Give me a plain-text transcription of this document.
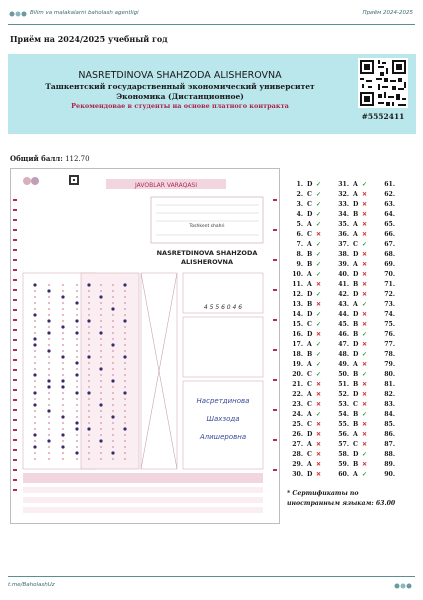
Bilim va malakalarni baholash agentligi	Приём 2024-2025
Приём на 2024/2025 учебный год
NASRETDINOVA SHAHZODA ALISHEROVNA
Ташкентский государственный экономический университет
Экономика (Дистанционное)
Рекомендовае в студенты на основе платного контракта
#5552411
Общий балл: 112.70
JAVOBLAR VARAQASI
Toshkent shahri
NASRETDINOVA SHAHZODA
ALISHEROVNA
4 5 5 6 0 4 6
Насретдинова
Шахзода
Алишеровна
1. D ✓
2. C ✓
3. C ✓
4. D ✓
5. A ✓
6. C ✕
7. A ✓
8. B ✓
9. B ✓
10. A ✓
11. A ✕
12. D ✓
13. B ✕
14. D ✓
15. C ✓
16. D ✕
17. A ✓
18. B ✓
19. A ✓
20. C ✓
21. C ✕
22. A ✕
23. C ✕
24. A ✓
25. C ✕
26. D ✕
27. A ✕
28. C ✕
29. A ✕
30. D ✕
31. A ✓
32. A ✕
33. D ✕
34. B ✕
35. A ✕
36. A ✕
37. C ✓
38. D ✕
39. A ✕
40. D ✕
41. B ✕
42. D ✕
43. A ✓
44. D ✕
45. B ✕
46. B ✓
47. D ✕
48. D ✓
49. A ✕
50. B ✓
51. B ✕
52. D ✕
53. C ✕
54. B ✓
55. B ✕
56. A ✕
57. C ✕
58. D ✓
59. B ✕
60. A ✓
61.
62.
63.
64.
65.
66.
67.
68.
69.
70.
71.
72.
73.
74.
75.
76.
77.
78.
79.
80.
81.
82.
83.
84.
85.
86.
87.
88.
89.
90.
* Сертификаты по
иностранным языкам: 63.00
t.me/BaholashUz
